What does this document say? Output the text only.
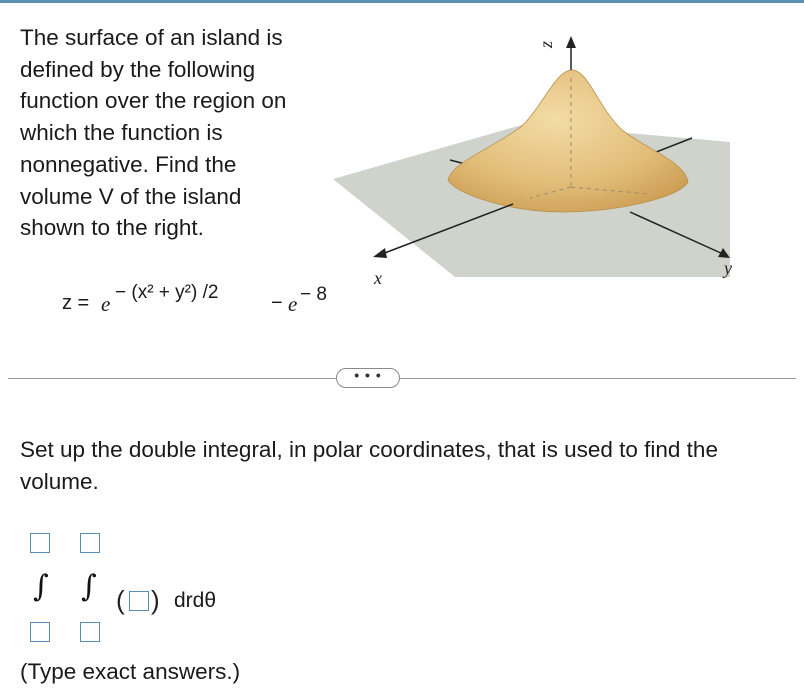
The surface of an island is
defined by the following
function over the region on
which the function is
nonnegative. Find the
volume V of the island
shown to the right.
z = e − (x² + y²) /2	− e − 8
x	y
z
• • •
Set up the double integral, in polar coordinates, that is used to find the volume.
∫ ∫ ( ) drdθ
(Type exact answers.)
